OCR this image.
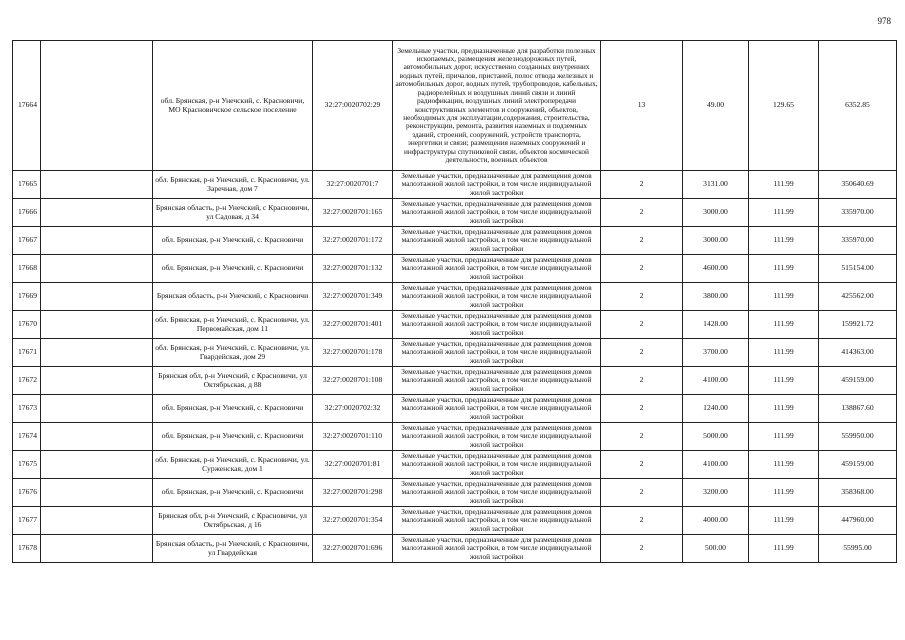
978
17664		обл. Брянская, р-н Унечский, с. Красновичи, МО Красновичское сельское поселение	32:27:0020702:29	Земельные участки, предназначенные для разработки полезных ископаемых, размещения железнодорожных путей, автомобильных дорог, искусственно созданных внутренних водных путей, причалов, пристаней, полос отвода железных и автомобильных дорог, водных путей, трубопроводов, кабельных, радиорелейных и воздушных линий связи и линий радиофикации, воздушных линий электропередачи конструктивных элементов и сооружений, объектов, необходимых для эксплуатации,содержания, строительства, реконструкции, ремонта, развития наземных и подземных зданий, строений, сооружений, устройств транспорта, энергетики и связи; размещения наземных сооружений и инфраструктуры спутниковой связи, объектов космической деятельности, военных объектов	13	49.00	129.65	6352.85
17665		обл. Брянская, р-н Унечский, с. Красновичи, ул. Заречная, дом 7	32:27:0020701:7	Земельные участки, предназначенные для размещения домов малоэтажной жилой застройки, в том числе индивидуальной жилой застройки	2	3131.00	111.99	350640.69
17666		Брянская область, р-н Унечский, с Красновичи, ул Садовая, д 34	32:27:0020701:165	Земельные участки, предназначенные для размещения домов малоэтажной жилой застройки, в том числе индивидуальной жилой застройки	2	3000.00	111.99	335970.00
17667		обл. Брянская, р-н Унечский, с. Красновичи	32:27:0020701:172	Земельные участки, предназначенные для размещения домов малоэтажной жилой застройки, в том числе индивидуальной жилой застройки	2	3000.00	111.99	335970.00
17668		обл. Брянская, р-н Унечский, с. Красновичи	32:27:0020701:132	Земельные участки, предназначенные для размещения домов малоэтажной жилой застройки, в том числе индивидуальной жилой застройки	2	4600.00	111.99	515154.00
17669		Брянская область, р-н Унечский, с Красновичи	32:27:0020701:349	Земельные участки, предназначенные для размещения домов малоэтажной жилой застройки, в том числе индивидуальной жилой застройки	2	3800.00	111.99	425562.00
17670		обл. Брянская, р-н Унечский, с. Красновичи, ул. Первомайская, дом 11	32:27:0020701:401	Земельные участки, предназначенные для размещения домов малоэтажной жилой застройки, в том числе индивидуальной жилой застройки	2	1428.00	111.99	159921.72
17671		обл. Брянская, р-н Унечский, с. Красновичи, ул. Гвардейская, дом 29	32:27:0020701:178	Земельные участки, предназначенные для размещения домов малоэтажной жилой застройки, в том числе индивидуальной жилой застройки	2	3700.00	111.99	414363.00
17672		Брянская обл, р-н Унечский, с Красновичи, ул Октябрьская, д 88	32:27:0020701:108	Земельные участки, предназначенные для размещения домов малоэтажной жилой застройки, в том числе индивидуальной жилой застройки	2	4100.00	111.99	459159.00
17673		обл. Брянская, р-н Унечский, с. Красновичи	32:27:0020702:32	Земельные участки, предназначенные для размещения домов малоэтажной жилой застройки, в том числе индивидуальной жилой застройки	2	1240.00	111.99	138867.60
17674		обл. Брянская, р-н Унечский, с. Красновичи	32:27:0020701:110	Земельные участки, предназначенные для размещения домов малоэтажной жилой застройки, в том числе индивидуальной жилой застройки	2	5000.00	111.99	559950.00
17675		обл. Брянская, р-н Унечский, с. Красновичи, ул. Сурженская, дом 1	32:27:0020701:81	Земельные участки, предназначенные для размещения домов малоэтажной жилой застройки, в том числе индивидуальной жилой застройки	2	4100.00	111.99	459159.00
17676		обл. Брянская, р-н Унечский, с. Красновичи	32:27:0020701:298	Земельные участки, предназначенные для размещения домов малоэтажной жилой застройки, в том числе индивидуальной жилой застройки	2	3200.00	111.99	358368.00
17677		Брянская обл, р-н Унечский, с Красновичи, ул Октябрьская, д 16	32:27:0020701:354	Земельные участки, предназначенные для размещения домов малоэтажной жилой застройки, в том числе индивидуальной жилой застройки	2	4000.00	111.99	447960.00
17678		Брянская область, р-н Унечский, с Красновичи, ул Гвардейская	32:27:0020701:696	Земельные участки, предназначенные для размещения домов малоэтажной жилой застройки, в том числе индивидуальной жилой застройки	2	500.00	111.99	55995.00
